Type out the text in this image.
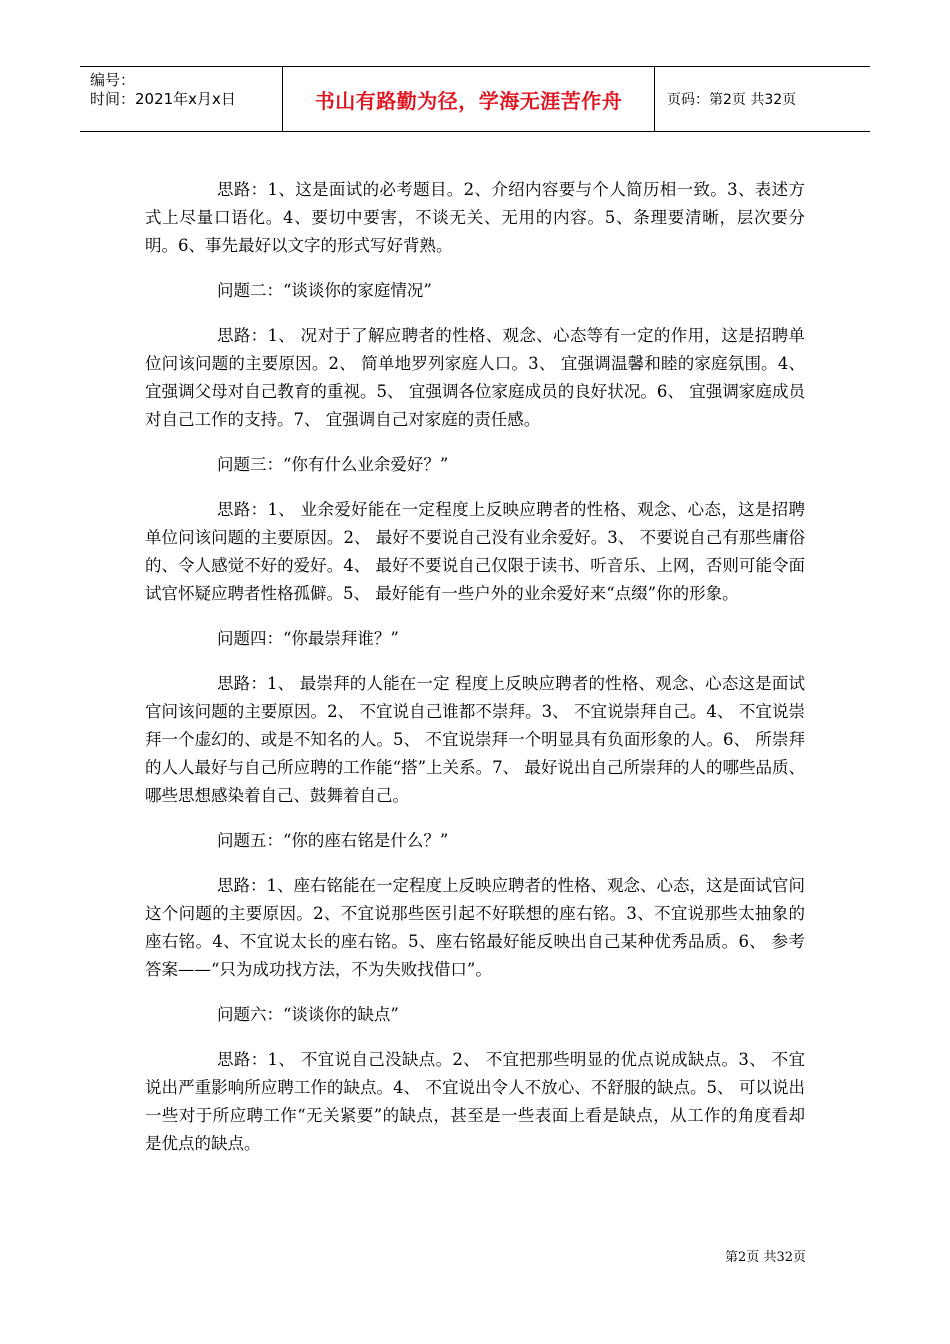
编号：
时间：2021年x月x日	书山有路勤为径，学海无涯苦作舟	页码：第2页 共32页

思路：1、这是面试的必考题目。2、介绍内容要与个人简历相一致。3、表述方式上尽量口语化。4、要切中要害，不谈无关、无用的内容。5、条理要清晰，层次要分明。6、事先最好以文字的形式写好背熟。

问题二：“谈谈你的家庭情况”

思路：1、 况对于了解应聘者的性格、观念、心态等有一定的作用，这是招聘单位问该问题的主要原因。2、 简单地罗列家庭人口。3、 宜强调温馨和睦的家庭氛围。4、 宜强调父母对自己教育的重视。5、 宜强调各位家庭成员的良好状况。6、 宜强调家庭成员对自己工作的支持。7、 宜强调自己对家庭的责任感。

问题三：“你有什么业余爱好？”

思路：1、 业余爱好能在一定程度上反映应聘者的性格、观念、心态，这是招聘单位问该问题的主要原因。2、 最好不要说自己没有业余爱好。3、 不要说自己有那些庸俗的、令人感觉不好的爱好。4、 最好不要说自己仅限于读书、听音乐、上网，否则可能令面试官怀疑应聘者性格孤僻。5、 最好能有一些户外的业余爱好来“点缀”你的形象。

问题四：“你最崇拜谁？”

思路：1、 最崇拜的人能在一定 程度上反映应聘者的性格、观念、心态这是面试官问该问题的主要原因。2、 不宜说自己谁都不崇拜。3、 不宜说崇拜自己。4、 不宜说崇拜一个虚幻的、或是不知名的人。5、 不宜说崇拜一个明显具有负面形象的人。6、 所崇拜的人人最好与自己所应聘的工作能“搭”上关系。7、 最好说出自己所崇拜的人的哪些品质、哪些思想感染着自己、鼓舞着自己。

问题五：“你的座右铭是什么？”

思路：1、座右铭能在一定程度上反映应聘者的性格、观念、心态，这是面试官问这个问题的主要原因。2、不宜说那些医引起不好联想的座右铭。3、不宜说那些太抽象的座右铭。4、不宜说太长的座右铭。5、座右铭最好能反映出自己某种优秀品质。6、 参考答案——“只为成功找方法，不为失败找借口”。

问题六：“谈谈你的缺点”

思路：1、 不宜说自己没缺点。2、 不宜把那些明显的优点说成缺点。3、 不宜说出严重影响所应聘工作的缺点。4、 不宜说出令人不放心、不舒服的缺点。5、 可以说出一些对于所应聘工作“无关紧要”的缺点，甚至是一些表面上看是缺点，从工作的角度看却是优点的缺点。

第2页 共32页
